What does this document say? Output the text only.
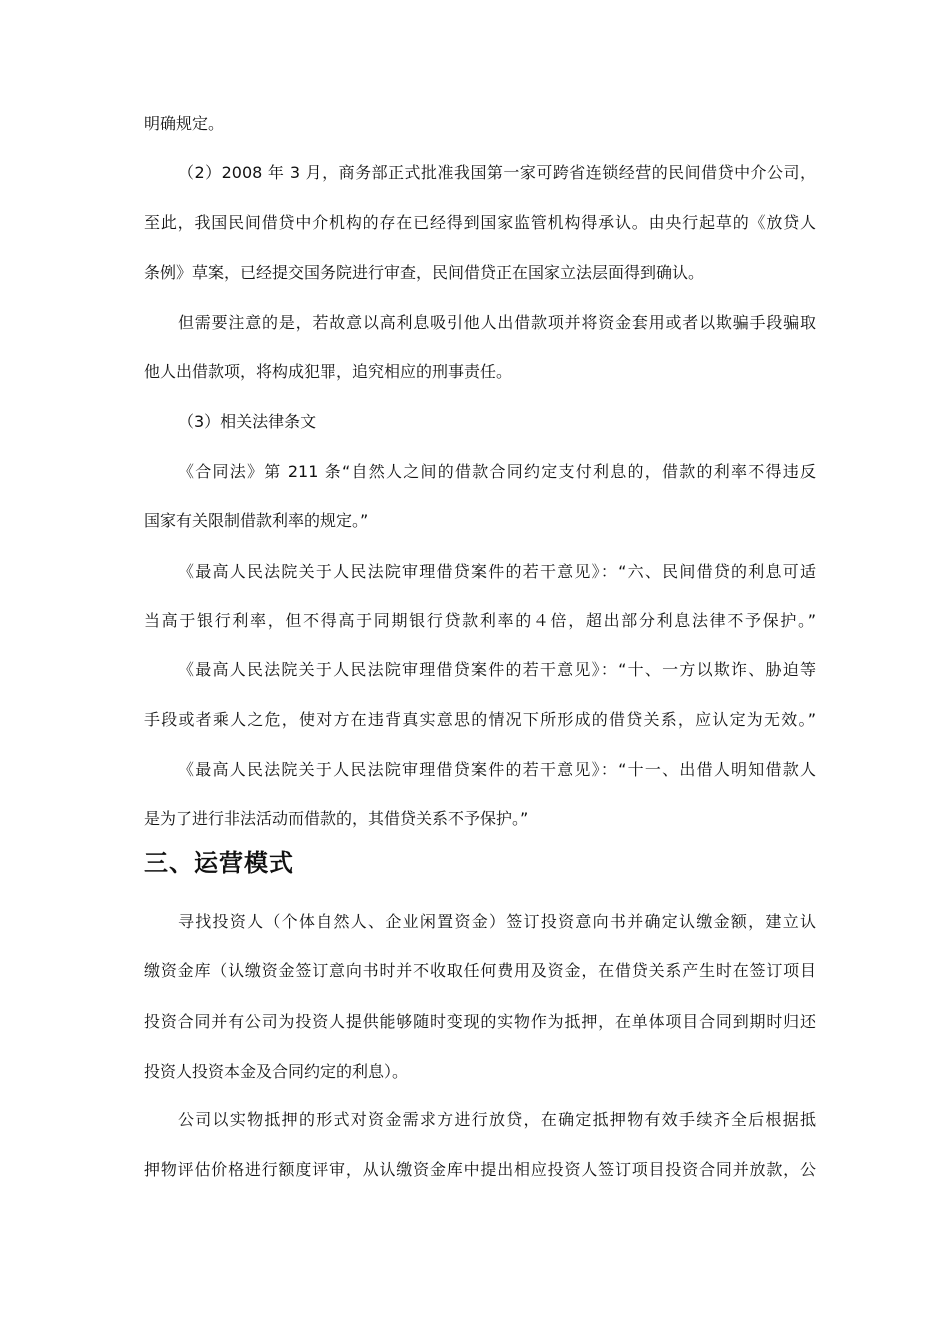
明确规定。
（2）2008 年 3 月，商务部正式批准我国第一家可跨省连锁经营的民间借贷中介公司，
至此，我国民间借贷中介机构的存在已经得到国家监管机构得承认。由央行起草的《放贷人
条例》草案，已经提交国务院进行审查，民间借贷正在国家立法层面得到确认。
但需要注意的是，若故意以高利息吸引他人出借款项并将资金套用或者以欺骗手段骗取
他人出借款项，将构成犯罪，追究相应的刑事责任。
（3）相关法律条文
《合同法》第 211 条“自然人之间的借款合同约定支付利息的，借款的利率不得违反
国家有关限制借款利率的规定。”
《最高人民法院关于人民法院审理借贷案件的若干意见》：“六、民间借贷的利息可适
当高于银行利率，但不得高于同期银行贷款利率的４倍，超出部分利息法律不予保护。”
《最高人民法院关于人民法院审理借贷案件的若干意见》：“十、一方以欺诈、胁迫等
手段或者乘人之危，使对方在违背真实意思的情况下所形成的借贷关系，应认定为无效。”
《最高人民法院关于人民法院审理借贷案件的若干意见》：“十一、出借人明知借款人
是为了进行非法活动而借款的，其借贷关系不予保护。”
三、运营模式
寻找投资人（个体自然人、企业闲置资金）签订投资意向书并确定认缴金额，建立认
缴资金库（认缴资金签订意向书时并不收取任何费用及资金，在借贷关系产生时在签订项目
投资合同并有公司为投资人提供能够随时变现的实物作为抵押，在单体项目合同到期时归还
投资人投资本金及合同约定的利息）。
公司以实物抵押的形式对资金需求方进行放贷，在确定抵押物有效手续齐全后根据抵
押物评估价格进行额度评审，从认缴资金库中提出相应投资人签订项目投资合同并放款，公
